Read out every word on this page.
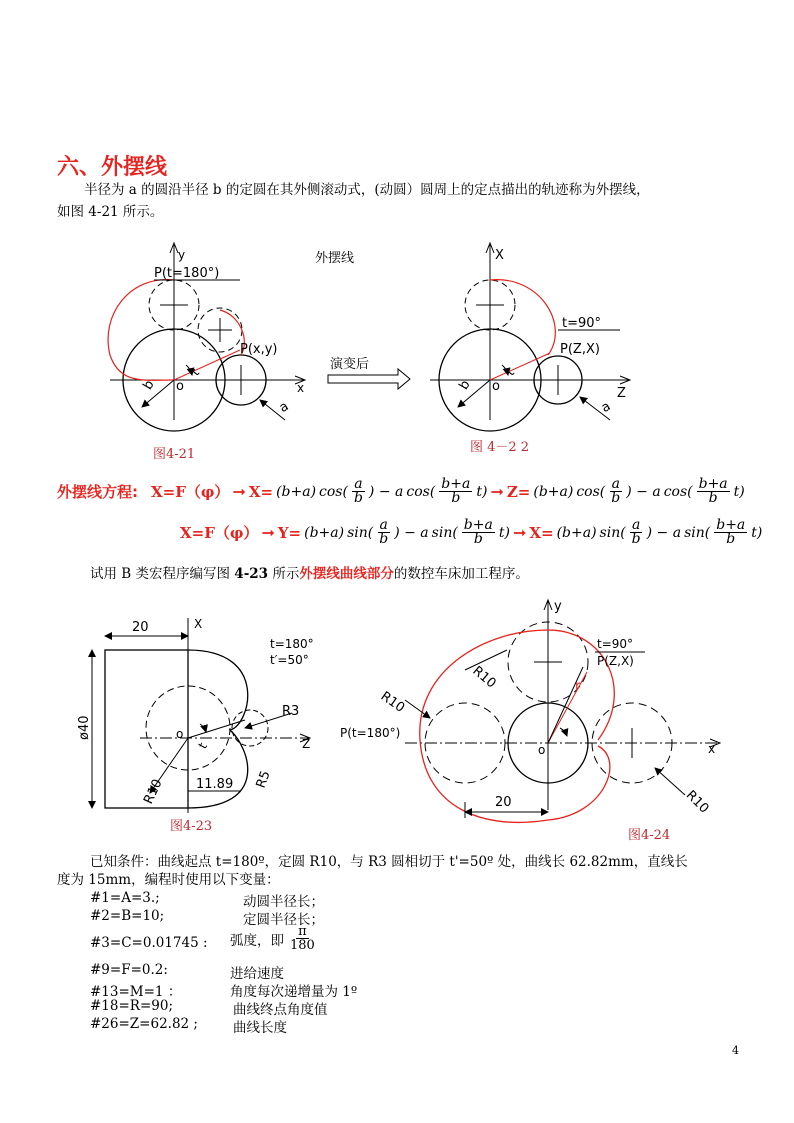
六、外摆线
半径为 a 的圆沿半径 b 的定圆在其外侧滚动式，(动圆）圆周上的定点描出的轨迹称为外摆线，
如图 4-21 所示。
y
P(t=180°)
外摆线
P(x,y)
x
b
a
o
t
演变后
X
t=90°
P(Z,X)
Z
b
a
o
t
图4-21	图 4－2 2
外摆线方程: X=F（φ） ➞ X= (b+a) $\cos( \frac{a}{b}$ ) − a $\cos( \frac{b+a}{b} t)$ ➞ Z= (b+a) $\cos( \frac{a}{b}$ ) − a $\cos( \frac{b+a}{b} t)$
X=F（φ） ➞ Y= (b+a) $\sin( \frac{a}{b}$ ) − a $\sin( \frac{b+a}{b} t)$ ➞ X= (b+a) $\sin( \frac{a}{b}$ ) − a $\sin( \frac{b+a}{b} t)$
试用 B 类宏程序编写图 4-23 所示外摆线曲线部分的数控车床加工程序。
20	X
t=180°
t′=50°
ø40
R3
Z
o
t
R10 11.89 R5
图4-23
y
t=90°
P(Z,X)
R10
R10	r
P(t=180°)
o	x
R10
20
图4-24
已知条件：曲线起点 t=180º，定圆 R10，与 R3 圆相切于 t'=50º 处，曲线长 62.82mm，直线长
度为 15mm，编程时使用以下变量：
#1=A=3.;	动圆半径长；
#2=B=10;	定圆半径长；
#3=C=0.01745 : 弧度，即 $\frac{\pi}{180}$
#9=F=0.2:	进给速度
#13=M=1 ：	角度每次递增量为 1º
#18=R=90;	曲线终点角度值
#26=Z=62.82 ;	曲线长度
4
